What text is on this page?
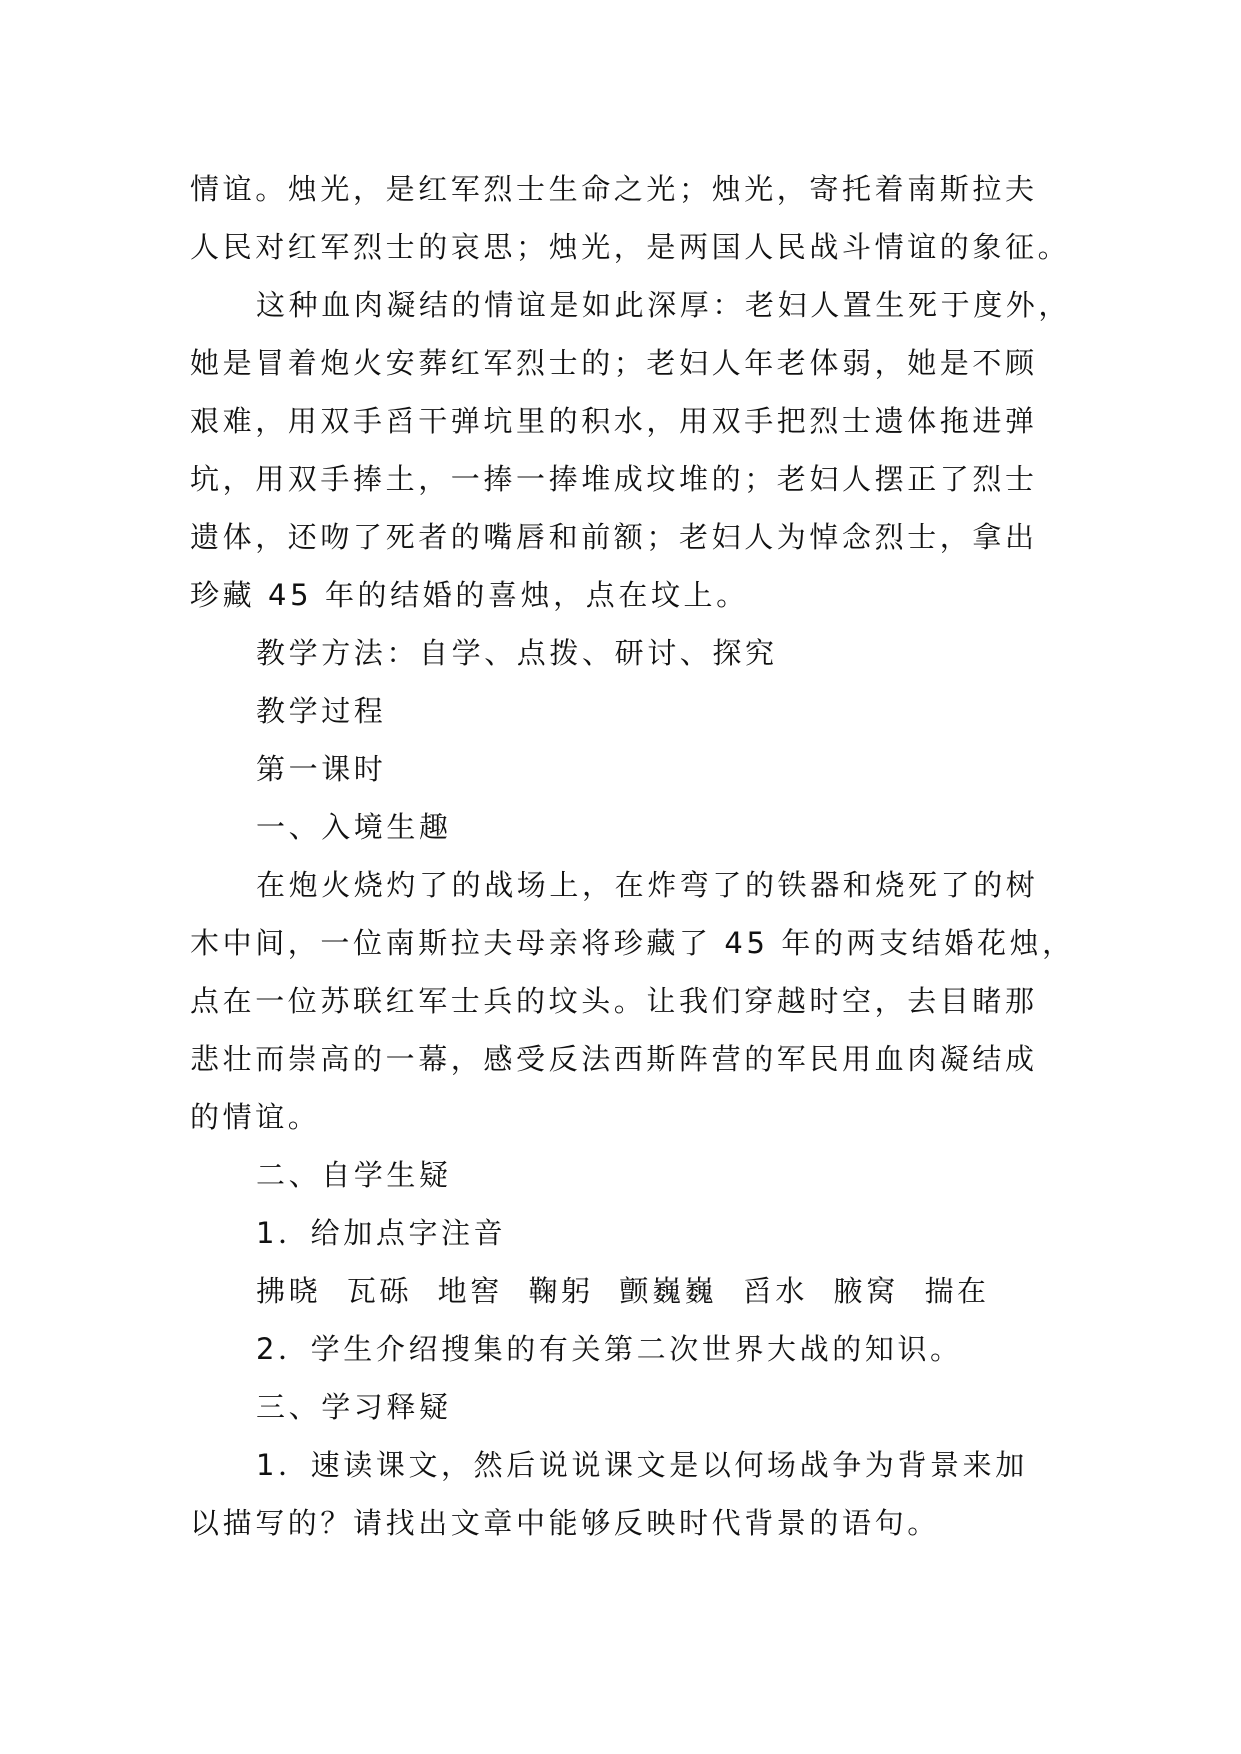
情谊。烛光，是红军烈士生命之光；烛光，寄托着南斯拉夫
人民对红军烈士的哀思；烛光，是两国人民战斗情谊的象征。
这种血肉凝结的情谊是如此深厚：老妇人置生死于度外，
她是冒着炮火安葬红军烈士的；老妇人年老体弱，她是不顾
艰难，用双手舀干弹坑里的积水，用双手把烈士遗体拖进弹
坑，用双手捧土，一捧一捧堆成坟堆的；老妇人摆正了烈士
遗体，还吻了死者的嘴唇和前额；老妇人为悼念烈士，拿出
珍藏 45 年的结婚的喜烛，点在坟上。
教学方法：自学、点拨、研讨、探究
教学过程
第一课时
一、入境生趣
在炮火烧灼了的战场上，在炸弯了的铁器和烧死了的树
木中间，一位南斯拉夫母亲将珍藏了 45 年的两支结婚花烛，
点在一位苏联红军士兵的坟头。让我们穿越时空，去目睹那
悲壮而崇高的一幕，感受反法西斯阵营的军民用血肉凝结成
的情谊。
二、自学生疑
1．给加点字注音
拂晓  瓦砾  地窖  鞠躬  颤巍巍  舀水  腋窝  揣在
2．学生介绍搜集的有关第二次世界大战的知识。
三、学习释疑
1．速读课文，然后说说课文是以何场战争为背景来加
以描写的？请找出文章中能够反映时代背景的语句。
